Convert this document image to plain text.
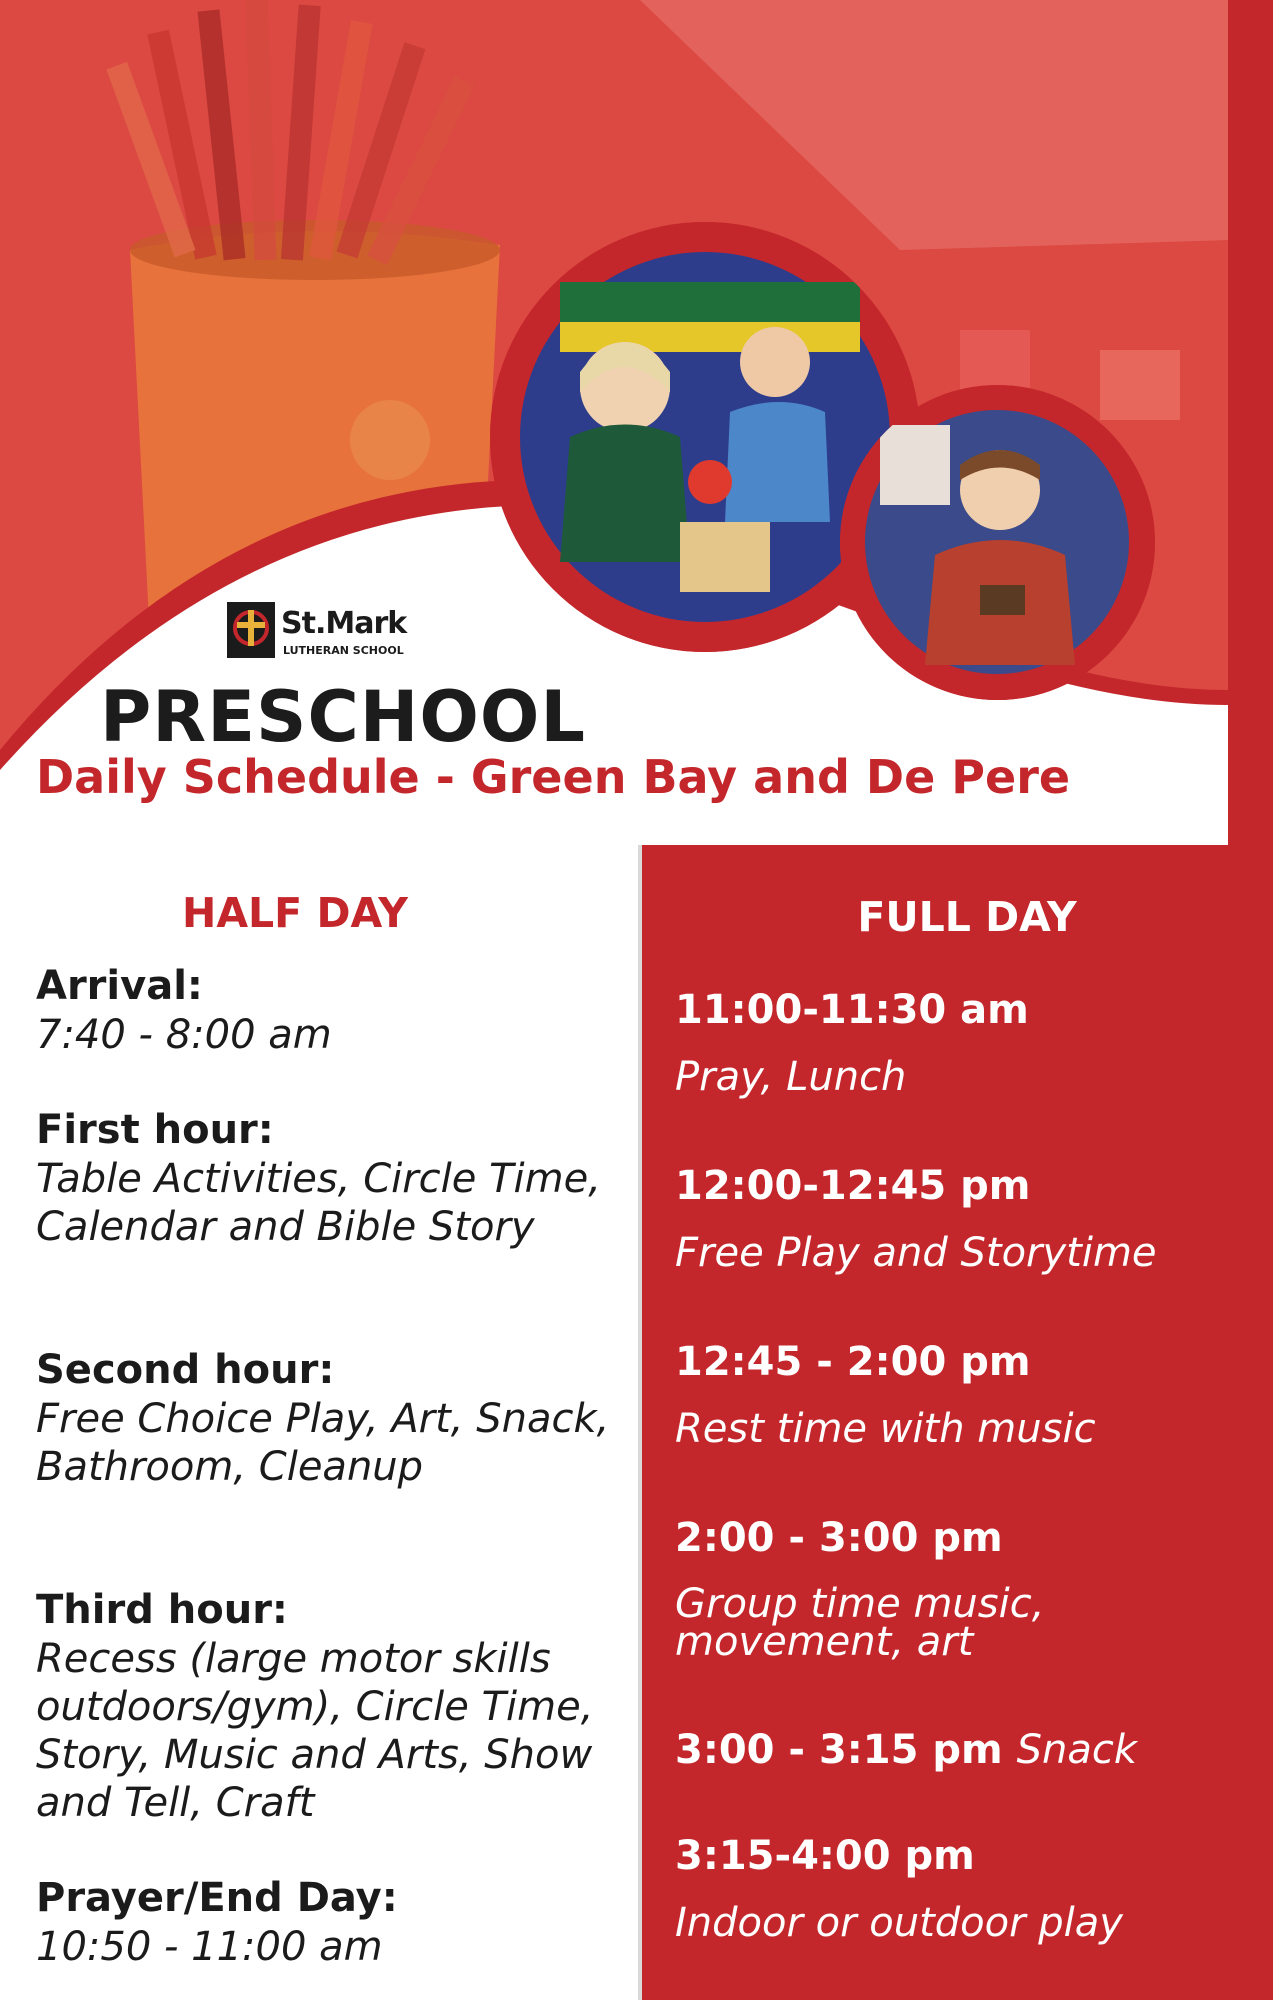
St.Mark
LUTHERAN SCHOOL
PRESCHOOL
Daily Schedule - Green Bay and De Pere
HALF DAY
Arrival:
7:40 - 8:00 am
First hour:
Table Activities, Circle Time, Calendar and Bible Story
Second hour:
Free Choice Play, Art, Snack, Bathroom, Cleanup
Third hour:
Recess (large motor skills outdoors/gym), Circle Time, Story, Music and Arts, Show and Tell, Craft
Prayer/End Day:
10:50 - 11:00 am
FULL DAY
11:00-11:30 am
Pray, Lunch
12:00-12:45 pm
Free Play and Storytime
12:45 - 2:00 pm
Rest time with music
2:00 - 3:00 pm
Group time music, movement, art
3:00 - 3:15 pm Snack
3:15-4:00 pm
Indoor or outdoor play
